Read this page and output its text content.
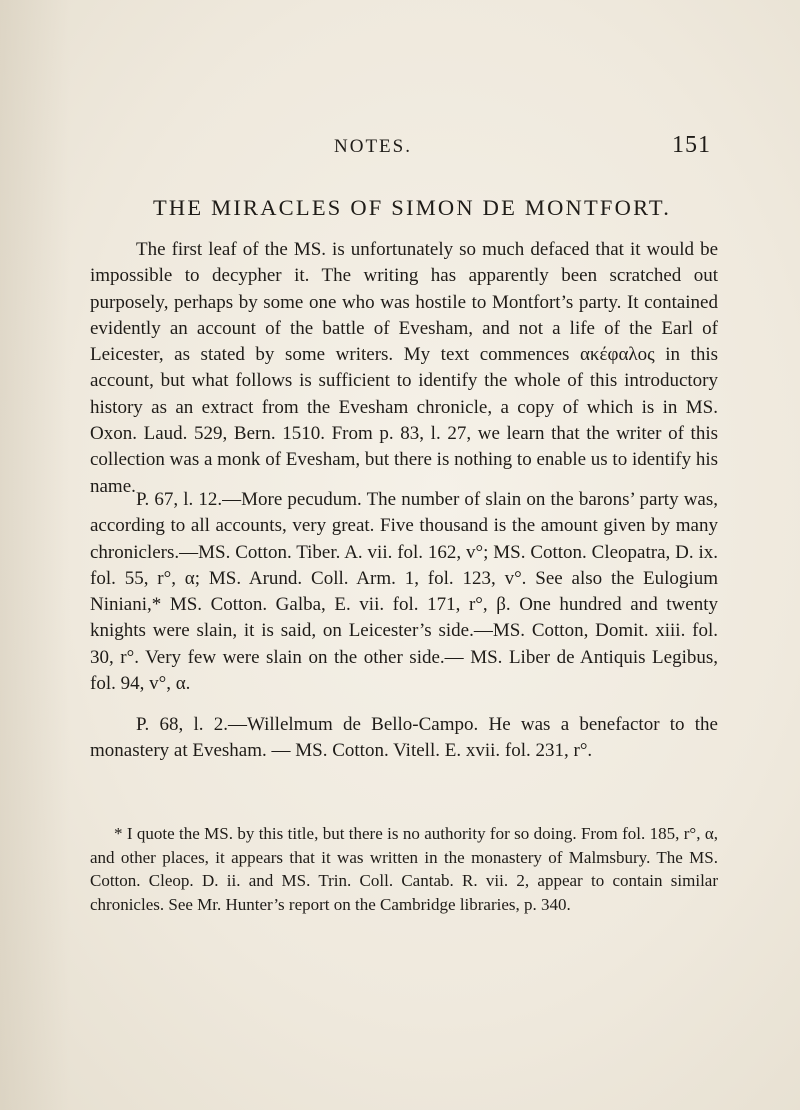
NOTES.	151
THE MIRACLES OF SIMON DE MONTFORT.

The first leaf of the MS. is unfortunately so much defaced that it would be impossible to decypher it. The writing has apparently been scratched out purposely, perhaps by some one who was hostile to Montfort’s party. It contained evidently an account of the battle of Evesham, and not a life of the Earl of Leicester, as stated by some writers. My text commences ακέφαλος in this account, but what follows is sufficient to identify the whole of this introductory history as an extract from the Evesham chronicle, a copy of which is in MS. Oxon. Laud. 529, Bern. 1510. From p. 83, l. 27, we learn that the writer of this collection was a monk of Evesham, but there is nothing to enable us to identify his name.

P. 67, l. 12.—More pecudum. The number of slain on the barons’ party was, according to all accounts, very great. Five thousand is the amount given by many chroniclers.—MS. Cotton. Tiber. A. vii. fol. 162, v°; MS. Cotton. Cleopatra, D. ix. fol. 55, r°, α; MS. Arund. Coll. Arm. 1, fol. 123, v°. See also the Eulogium Niniani,* MS. Cotton. Galba, E. vii. fol. 171, r°, β. One hundred and twenty knights were slain, it is said, on Leicester’s side.—MS. Cotton, Domit. xiii. fol. 30, r°. Very few were slain on the other side.— MS. Liber de Antiquis Legibus, fol. 94, v°, α.

P. 68, l. 2.—Willelmum de Bello-Campo. He was a benefactor to the monastery at Evesham. — MS. Cotton. Vitell. E. xvii. fol. 231, r°.

* I quote the MS. by this title, but there is no authority for so doing. From fol. 185, r°, α, and other places, it appears that it was written in the monastery of Malmsbury. The MS. Cotton. Cleop. D. ii. and MS. Trin. Coll. Cantab. R. vii. 2, appear to contain similar chronicles. See Mr. Hunter’s report on the Cambridge libraries, p. 340.
